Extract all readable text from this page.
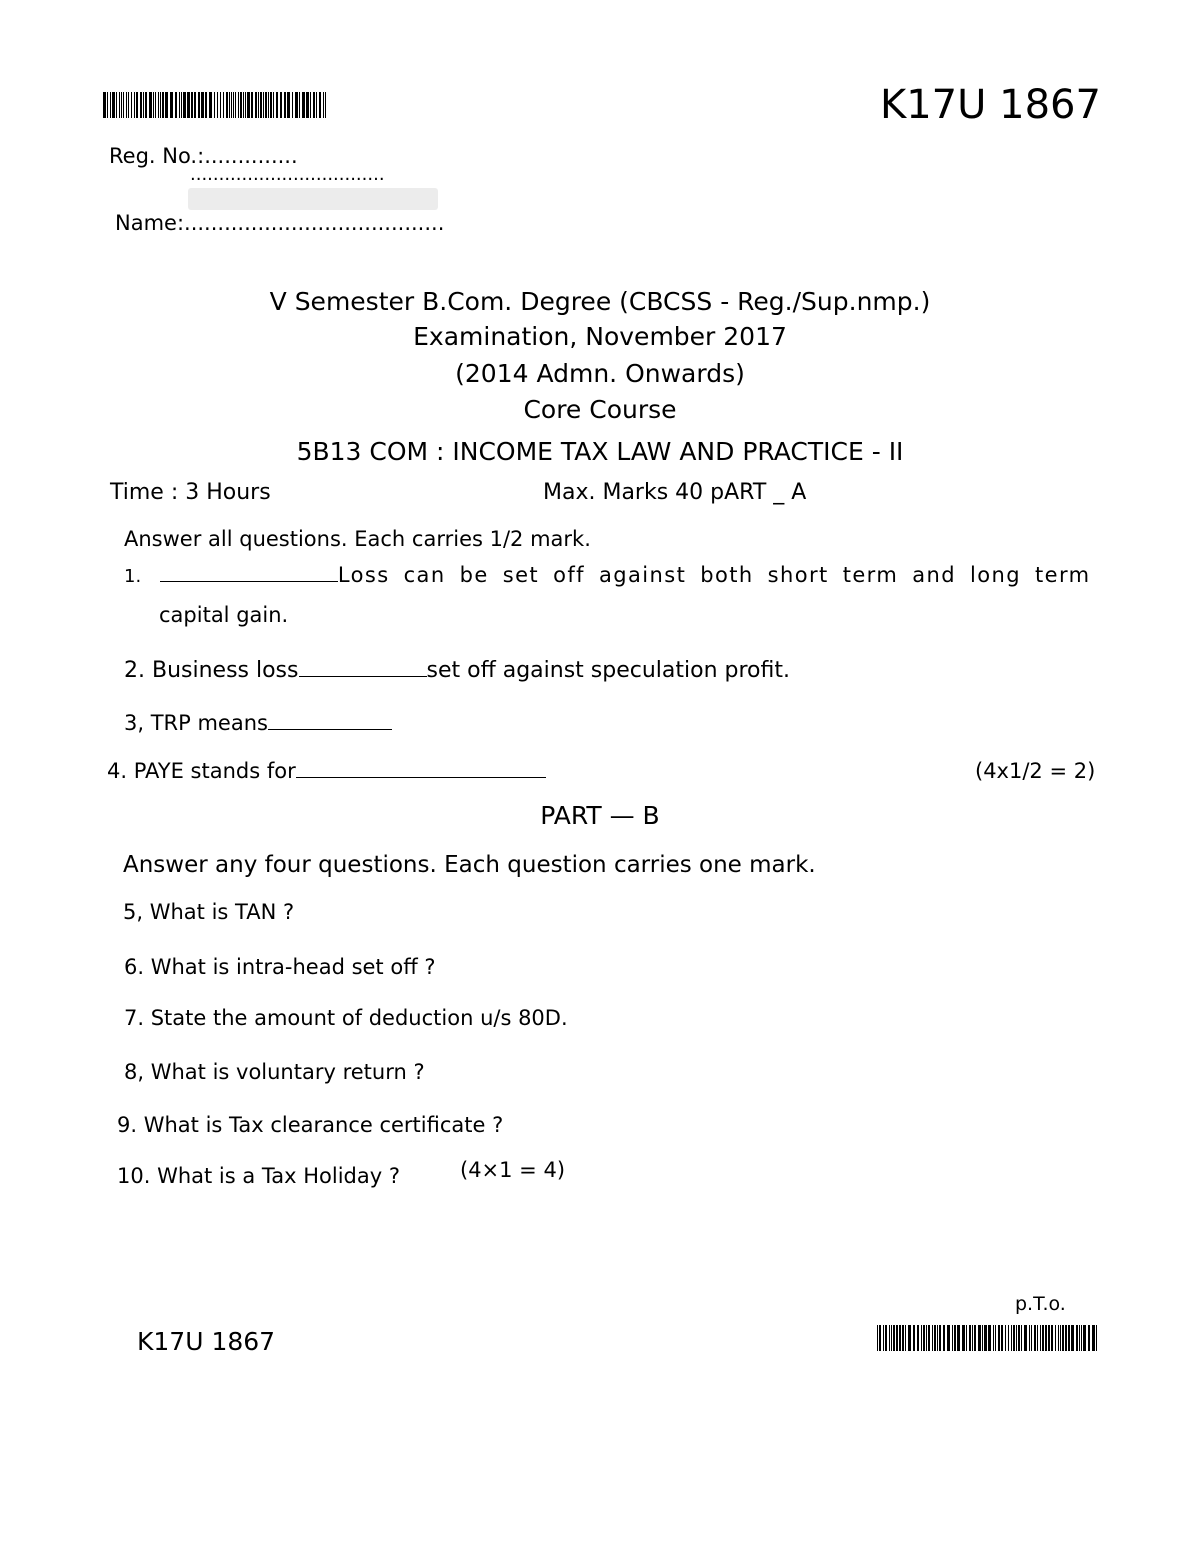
K17U 1867
Reg. No.:..............
..................................
Name:.......................................
V Semester B.Com. Degree (CBCSS - Reg./Sup.nmp.)
Examination, November 2017
(2014 Admn. Onwards)
Core Course
5B13 COM : INCOME TAX LAW AND PRACTICE - II
Time : 3 Hours	Max. Marks 40 pART _ A
Answer all questions. Each carries 1/2 mark.
1.	Loss can be set off against both short term and long term
capital gain.
2. Business loss	set off against speculation profit.
3, TRP means
4. PAYE stands for	(4x1/2 = 2)
PART — B
Answer any four questions. Each question carries one mark.
5, What is TAN ?
6. What is intra-head set off ?
7. State the amount of deduction u/s 80D.
8, What is voluntary return ?
9. What is Tax clearance certificate ?
10. What is a Tax Holiday ?	(4×1 = 4)
p.T.o.
K17U 1867
